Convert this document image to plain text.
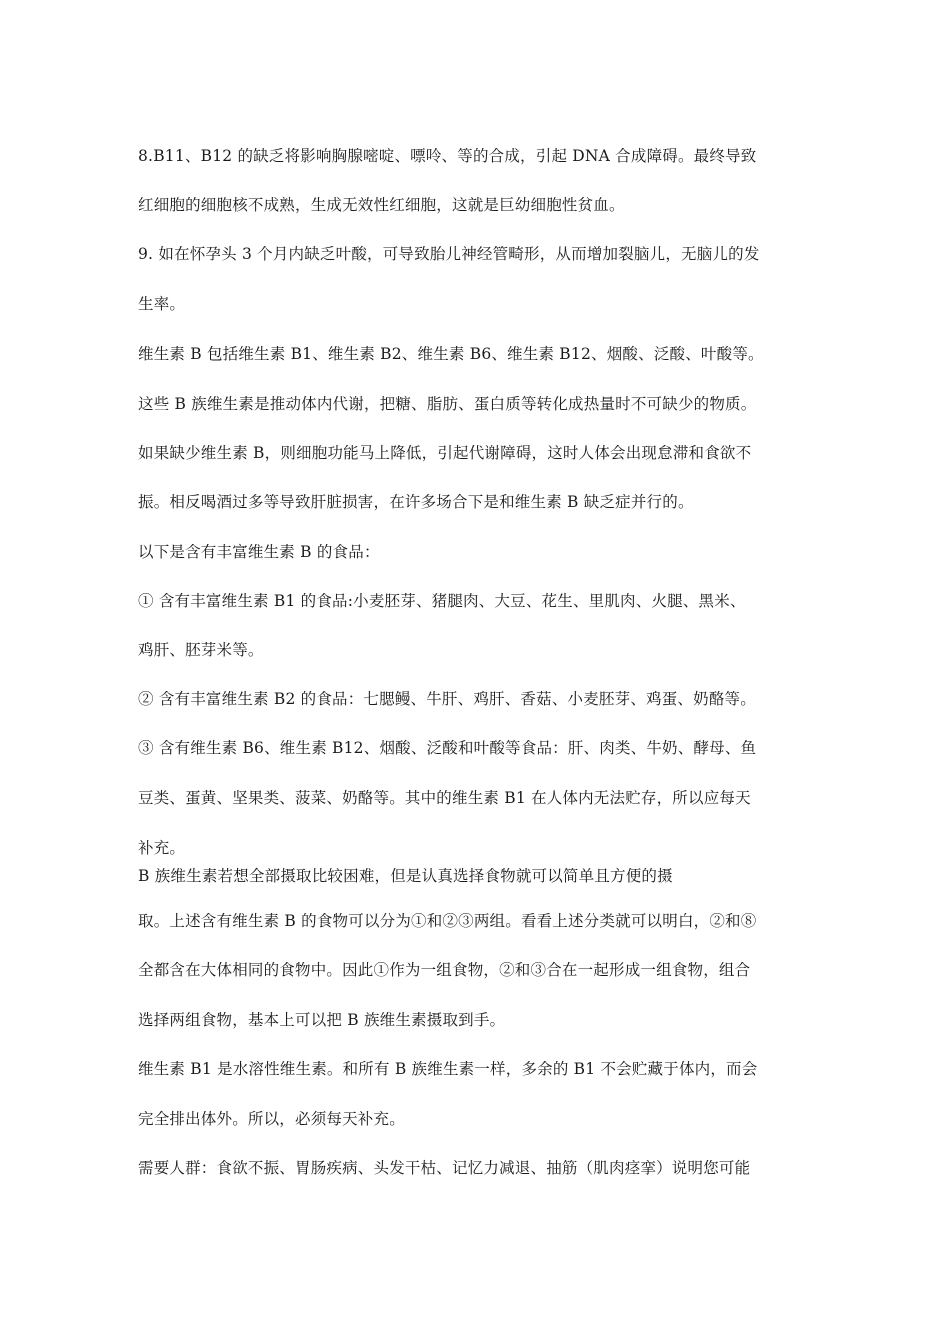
8.B11、B12 的缺乏将影响胸腺嘧啶、嘌呤、等的合成，引起 DNA 合成障碍。最终导致
红细胞的细胞核不成熟，生成无效性红细胞，这就是巨幼细胞性贫血。
9. 如在怀孕头 3 个月内缺乏叶酸，可导致胎儿神经管畸形，从而增加裂脑儿，无脑儿的发
生率。
维生素 B 包括维生素 B1、维生素 B2、维生素 B6、维生素 B12、烟酸、泛酸、叶酸等。
这些 B 族维生素是推动体内代谢，把糖、脂肪、蛋白质等转化成热量时不可缺少的物质。
如果缺少维生素 B，则细胞功能马上降低，引起代谢障碍，这时人体会出现怠滞和食欲不
振。相反喝酒过多等导致肝脏损害，在许多场合下是和维生素 B 缺乏症并行的。
以下是含有丰富维生素 B 的食品：
① 含有丰富维生素 B1 的食品:小麦胚芽、猪腿肉、大豆、花生、里肌肉、火腿、黑米、
鸡肝、胚芽米等。
② 含有丰富维生素 B2 的食品：七腮鳗、牛肝、鸡肝、香菇、小麦胚芽、鸡蛋、奶酪等。
③ 含有维生素 B6、维生素 B12、烟酸、泛酸和叶酸等食品：肝、肉类、牛奶、酵母、鱼
豆类、蛋黄、坚果类、菠菜、奶酪等。其中的维生素 B1 在人体内无法贮存，所以应每天
补充。
B 族维生素若想全部摄取比较困难，但是认真选择食物就可以简单且方便的摄
取。上述含有维生素 B 的食物可以分为①和②③两组。看看上述分类就可以明白，②和⑧
全都含在大体相同的食物中。因此①作为一组食物，②和③合在一起形成一组食物，组合
选择两组食物，基本上可以把 B 族维生素摄取到手。
维生素 B1 是水溶性维生素。和所有 B 族维生素一样，多余的 B1 不会贮藏于体内，而会
完全排出体外。所以，必须每天补充。
需要人群：食欲不振、胃肠疾病、头发干枯、记忆力减退、抽筋（肌肉痉挛）说明您可能
